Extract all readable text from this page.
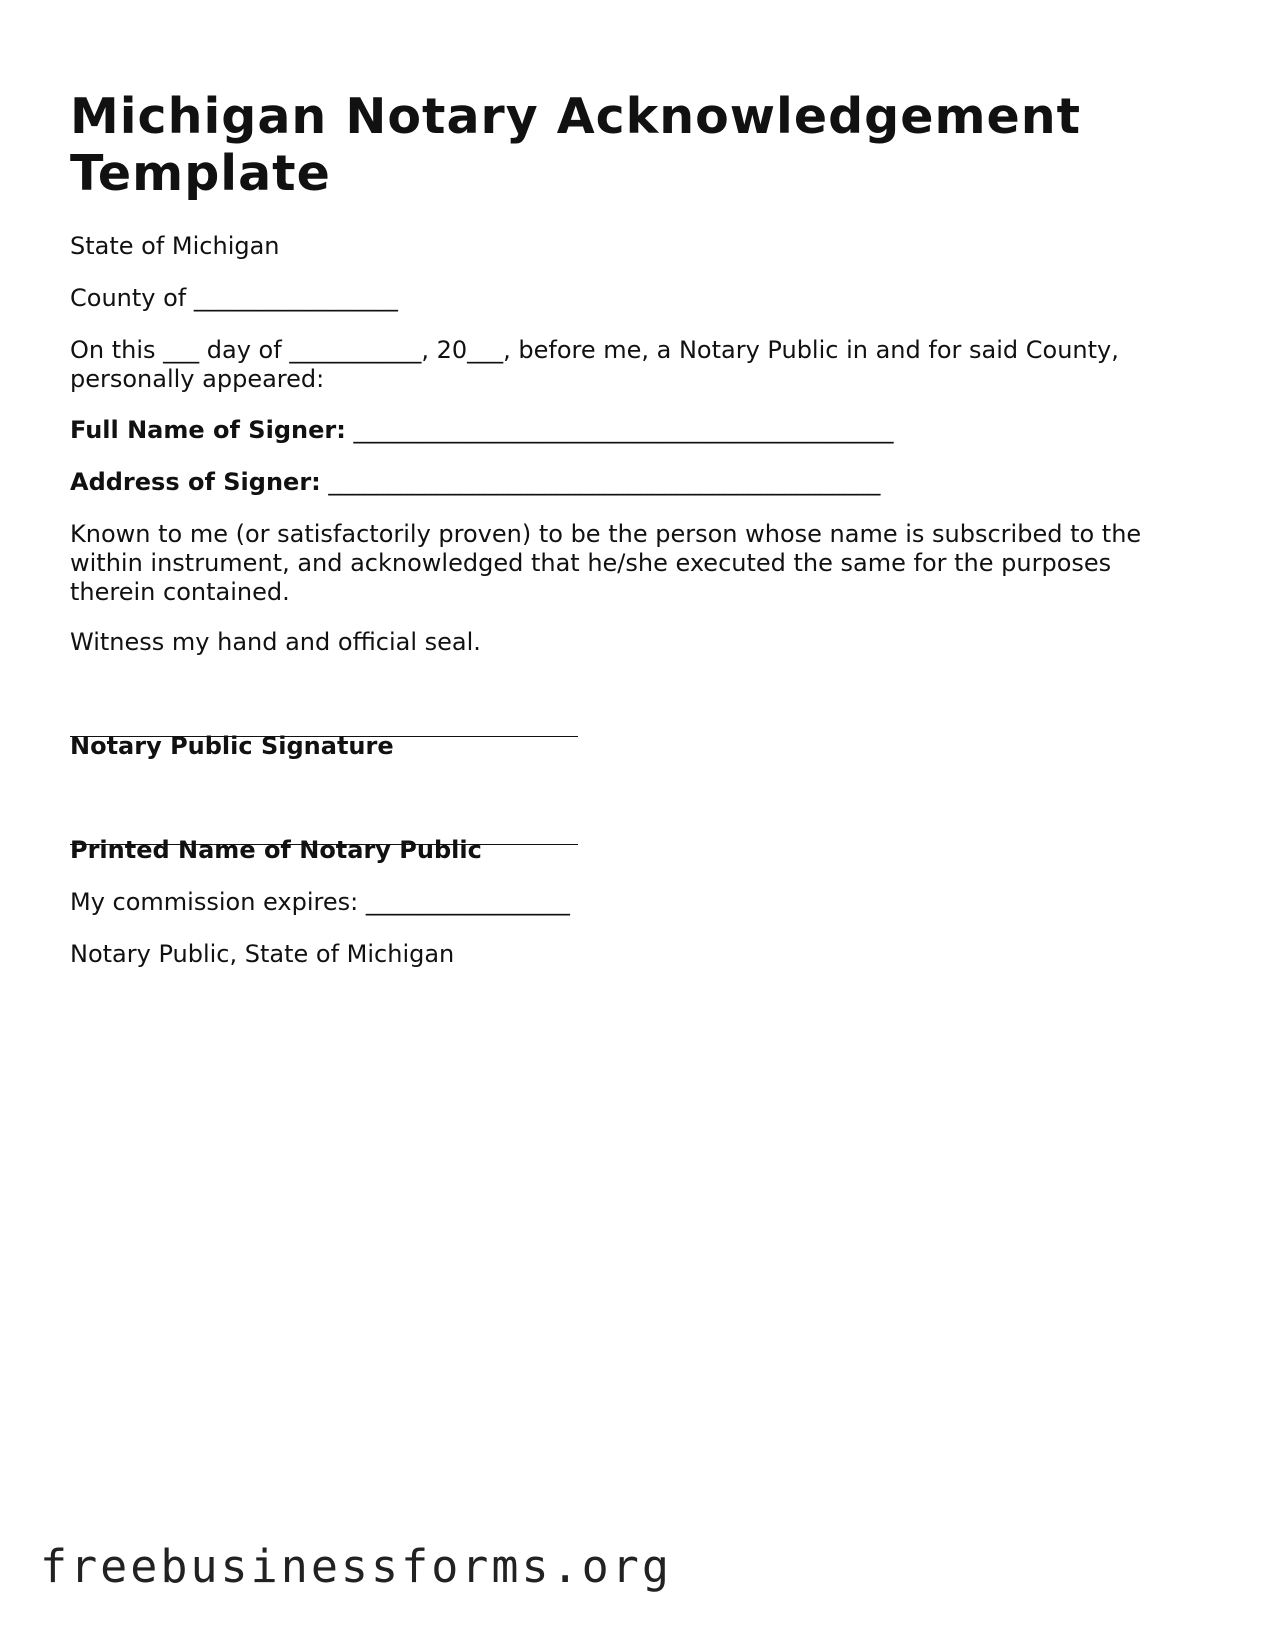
Michigan Notary Acknowledgement Template

State of Michigan

County of _________________

On this ___ day of ___________, 20___, before me, a Notary Public in and for said County, personally appeared:

Full Name of Signer: _____________________________________________

Address of Signer: ______________________________________________

Known to me (or satisfactorily proven) to be the person whose name is subscribed to the within instrument, and acknowledged that he/she executed the same for the purposes therein contained.

Witness my hand and official seal.

Notary Public Signature

Printed Name of Notary Public

My commission expires: _________________

Notary Public, State of Michigan

freebusinessforms.org
